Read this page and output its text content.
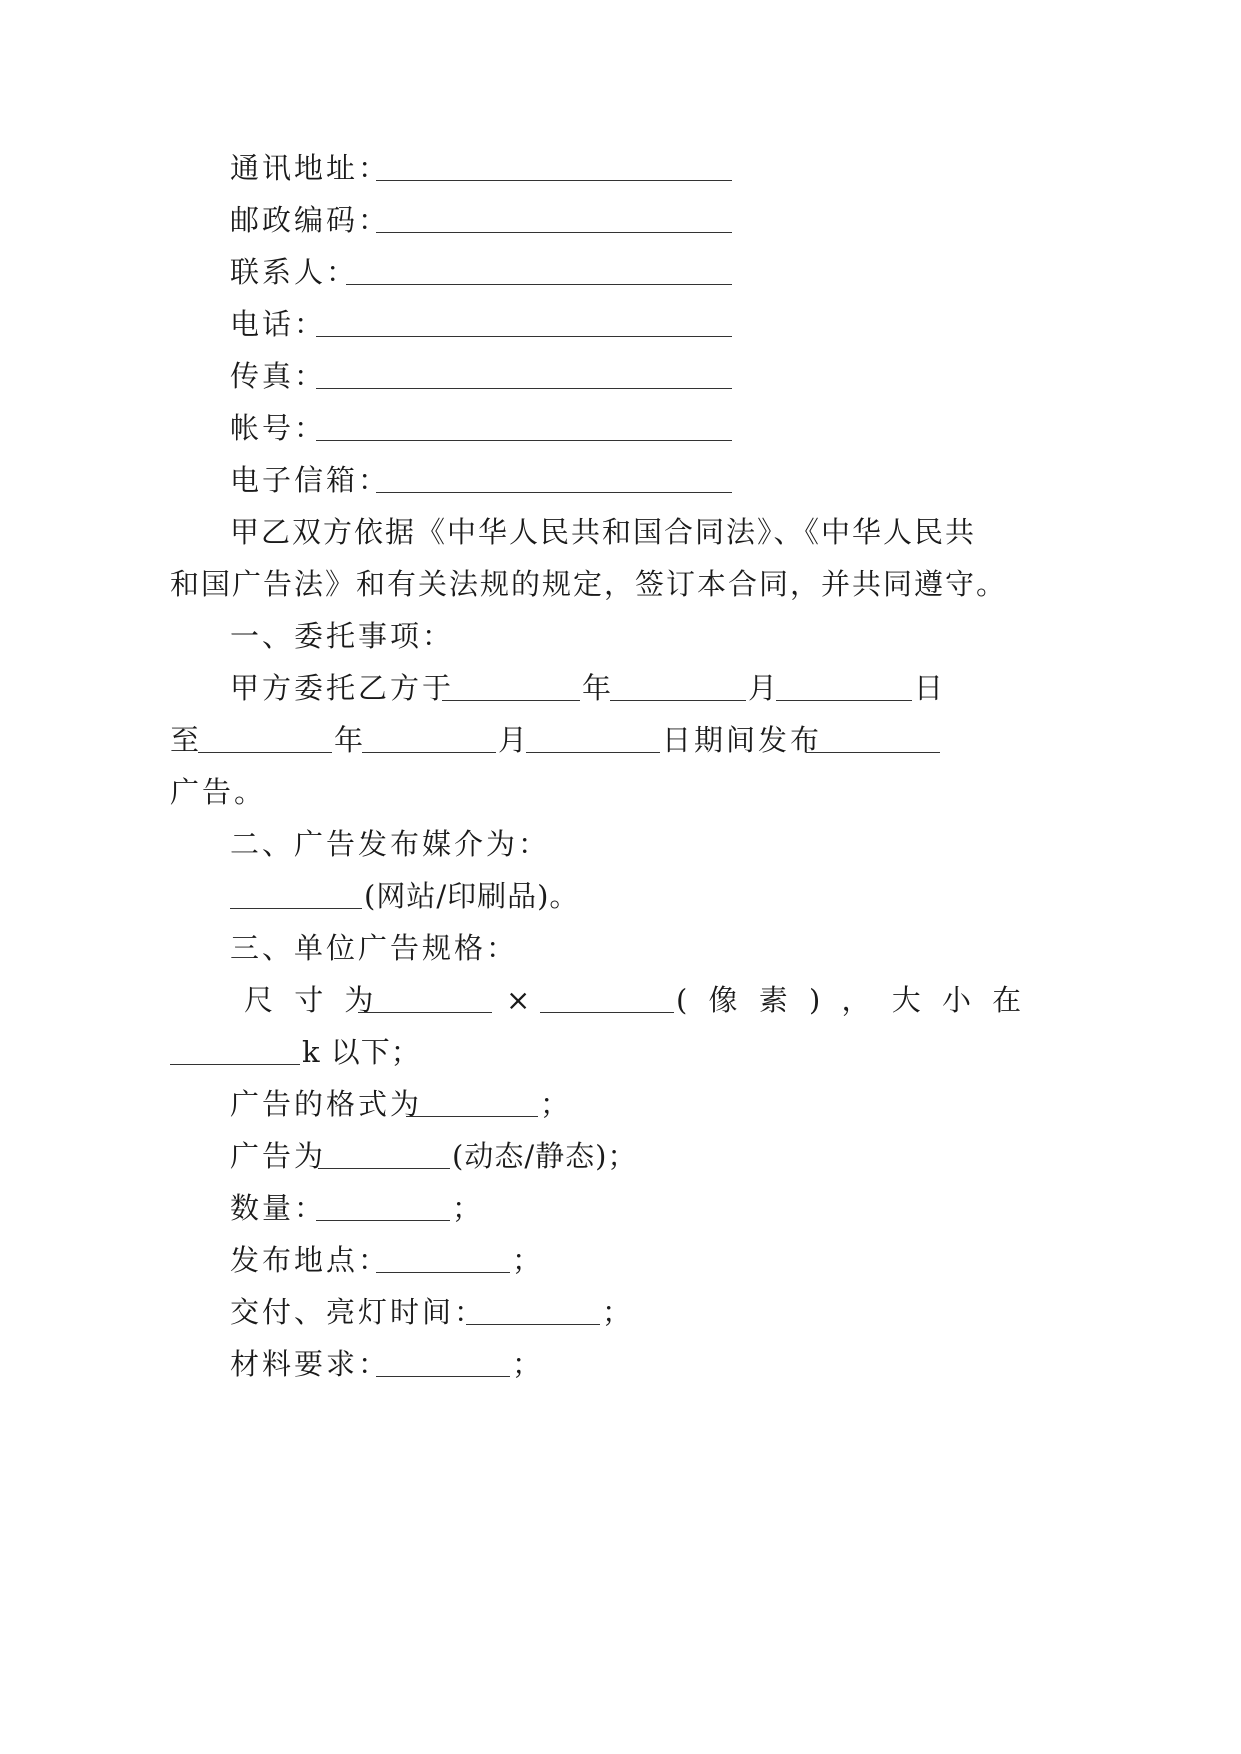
通讯地址：
邮政编码：
联系人：
电话：
传真：
帐号：
电子信箱：
甲乙双方依据《中华人民共和国合同法》、《中华人民共
和国广告法》和有关法规的规定，签订本合同，并共同遵守。
一、委托事项：
甲方委托乙方于	年	月	日
至	年	月	日期间发布
广告。
二、广告发布媒介为：
(网站/印刷品)。
三、单位广告规格：
尺 寸 为	×	( 像 素 ) ， 大 小 在
k 以下；
广告的格式为	；
广告为	(动态/静态)；
数量：	；
发布地点：	；
交付、亮灯时间：	；
材料要求：	；
